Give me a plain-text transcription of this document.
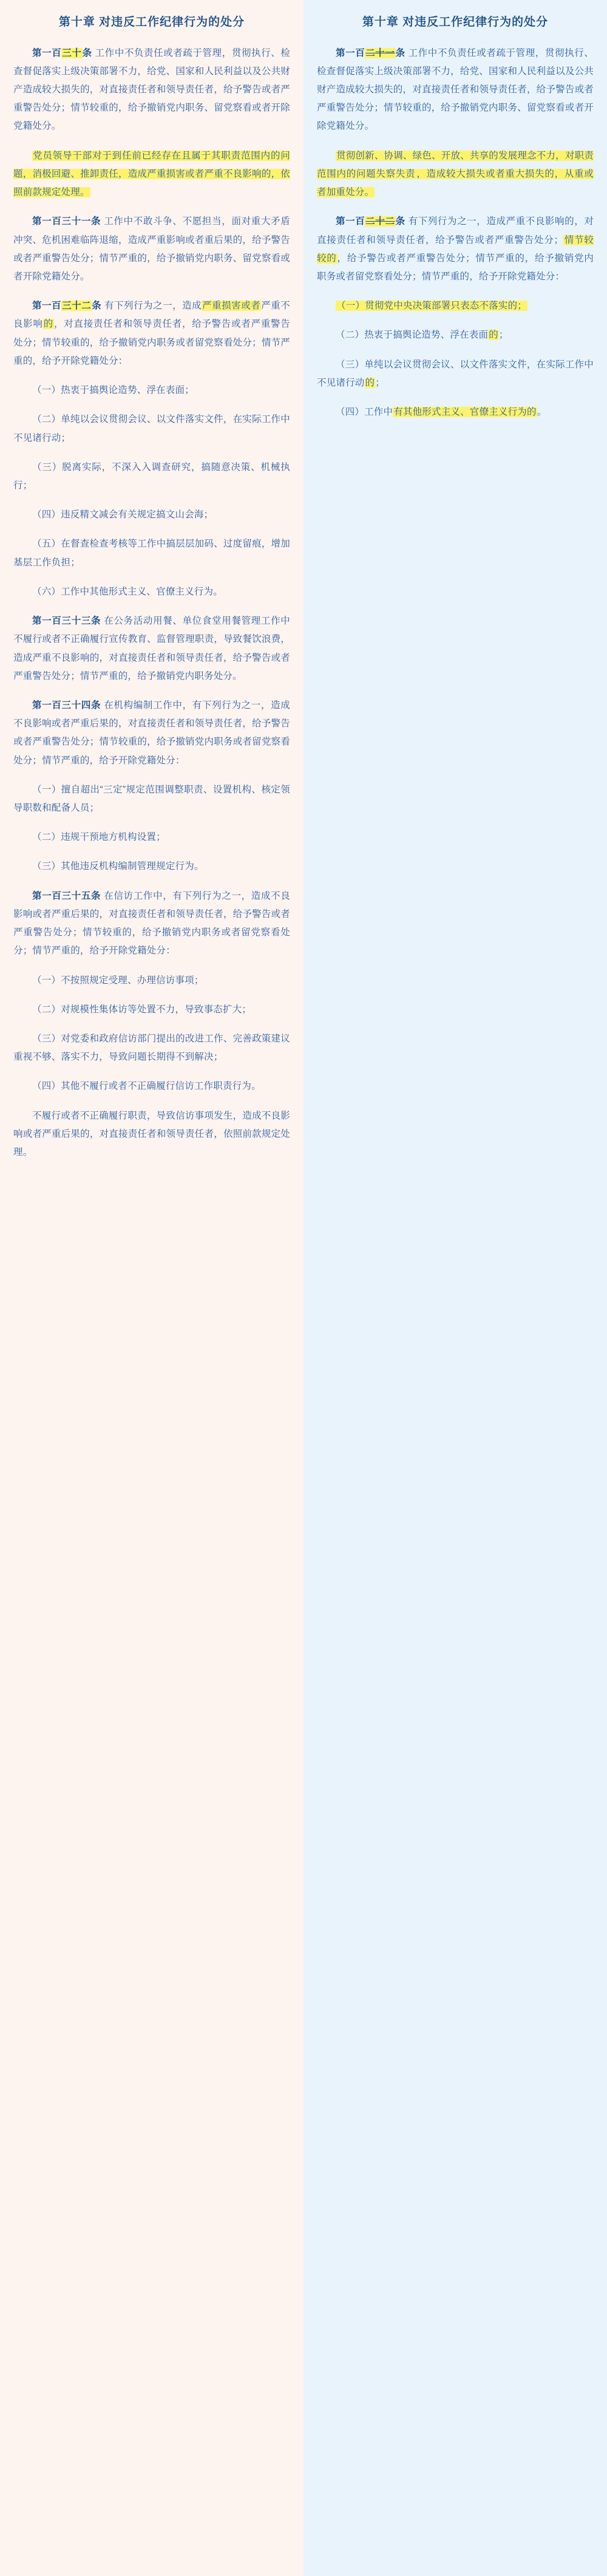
第十章 对违反工作纪律行为的处分

第一百三十条 工作中不负责任或者疏于管理，贯彻执行、检查督促落实上级决策部署不力，给党、国家和人民利益以及公共财产造成较大损失的，对直接责任者和领导责任者，给予警告或者严重警告处分；情节较重的，给予撤销党内职务、留党察看或者开除党籍处分。

党员领导干部对于到任前已经存在且属于其职责范围内的问题，消极回避、推卸责任，造成严重损害或者严重不良影响的，依照前款规定处理。

第一百三十一条 工作中不敢斗争、不愿担当，面对重大矛盾冲突、危机困难临阵退缩，造成严重影响或者重后果的，给予警告或者严重警告处分；情节严重的，给予撤销党内职务、留党察看或者开除党籍处分。

第一百三十二条 有下列行为之一，造成严重损害或者严重不良影响的，对直接责任者和领导责任者，给予警告或者严重警告处分；情节较重的，给予撤销党内职务或者留党察看处分；情节严重的，给予开除党籍处分：

（一）热衷于搞舆论造势、浮在表面；

（二）单纯以会议贯彻会议、以文件落实文件，在实际工作中不见诸行动；

（三）脱离实际，不深入入调查研究，搞随意决策、机械执行；

（四）违反精文减会有关规定搞文山会海；

（五）在督查检查考核等工作中搞层层加码、过度留痕，增加基层工作负担；

（六）工作中其他形式主义、官僚主义行为。

第一百三十三条 在公务活动用餐、单位食堂用餐管理工作中不履行或者不正确履行宣传教育、监督管理职责，导致餐饮浪费，造成严重不良影响的，对直接责任者和领导责任者，给予警告或者严重警告处分；情节严重的，给予撤销党内职务处分。

第一百三十四条 在机构编制工作中，有下列行为之一，造成不良影响或者严重后果的，对直接责任者和领导责任者，给予警告或者严重警告处分；情节较重的，给予撤销党内职务或者留党察看处分；情节严重的，给予开除党籍处分：

（一）擅自超出“三定”规定范围调整职责、设置机构、核定领导职数和配备人员；

（二）违规干预地方机构设置；

（三）其他违反机构编制管理规定行为。

第一百三十五条 在信访工作中，有下列行为之一，造成不良影响或者严重后果的，对直接责任者和领导责任者，给予警告或者严重警告处分；情节较重的，给予撤销党内职务或者留党察看处分；情节严重的，给予开除党籍处分：

（一）不按照规定受理、办理信访事项；

（二）对规模性集体访等处置不力，导致事态扩大；

（三）对党委和政府信访部门提出的改进工作、完善政策建议重视不够、落实不力，导致问题长期得不到解决；

（四）其他不履行或者不正确履行信访工作职责行为。

不履行或者不正确履行职责，导致信访事项发生，造成不良影响或者严重后果的，对直接责任者和领导责任者，依照前款规定处理。

第十章 对违反工作纪律行为的处分

第一百二十一条 工作中不负责任或者疏于管理，贯彻执行、检查督促落实上级决策部署不力，给党、国家和人民利益以及公共财产造成较大损失的，对直接责任者和领导责任者，给予警告或者严重警告处分；情节较重的，给予撤销党内职务、留党察看或者开除党籍处分。

贯彻创新、协调、绿色、开放、共享的发展理念不力，对职责范围内的问题失察失责 ，造成较大损失或者重大损失的，从重或者加重处分。

第一百二十二条 有下列行为之一，造成严重不良影响的，对直接责任者和领导责任者，给予警告或者严重警告处分；情节较较的，给予警告或者严重警告处分；情节严重的，给予撤销党内职务或者留党察看处分；情节严重的，给予开除党籍处分：

（一）贯彻党中央决策部署只表态不落实的；

（二）热衷于搞舆论造势、浮在表面的；

（三）单纯以会议贯彻会议、以文件落实文件，在实际工作中不见诸行动的；

（四）工作中有其他形式主义、官僚主义行为的。
